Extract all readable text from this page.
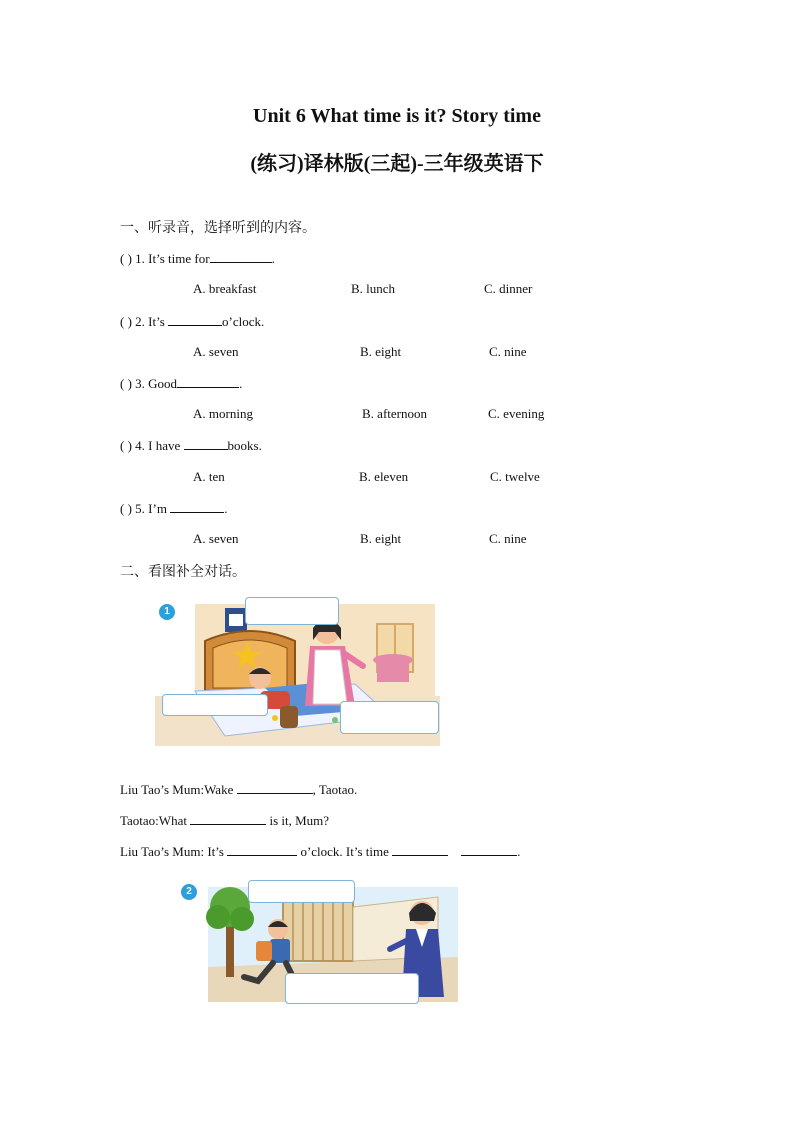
Unit 6 What time is it? Story time
(练习)译林版(三起)-三年级英语下
一、听录音，选择听到的内容。
( ) 1. It’s time for	.
A. breakfast	B. lunch	C. dinner
( ) 2. It’s	o’clock.
A. seven	B. eight	C. nine
( ) 3. Good	.
A. morning	B. afternoon	C. evening
( ) 4. I have	books.
A. ten	B. eleven	C. twelve
( ) 5. I’m	.
A. seven	B. eight	C. nine
二、看图补全对话。
1
Liu Tao’s Mum:Wake	, Taotao.
Taotao:What	is it, Mum?
Liu Tao’s Mum: It’s	o’clock. It’s time	.
2
